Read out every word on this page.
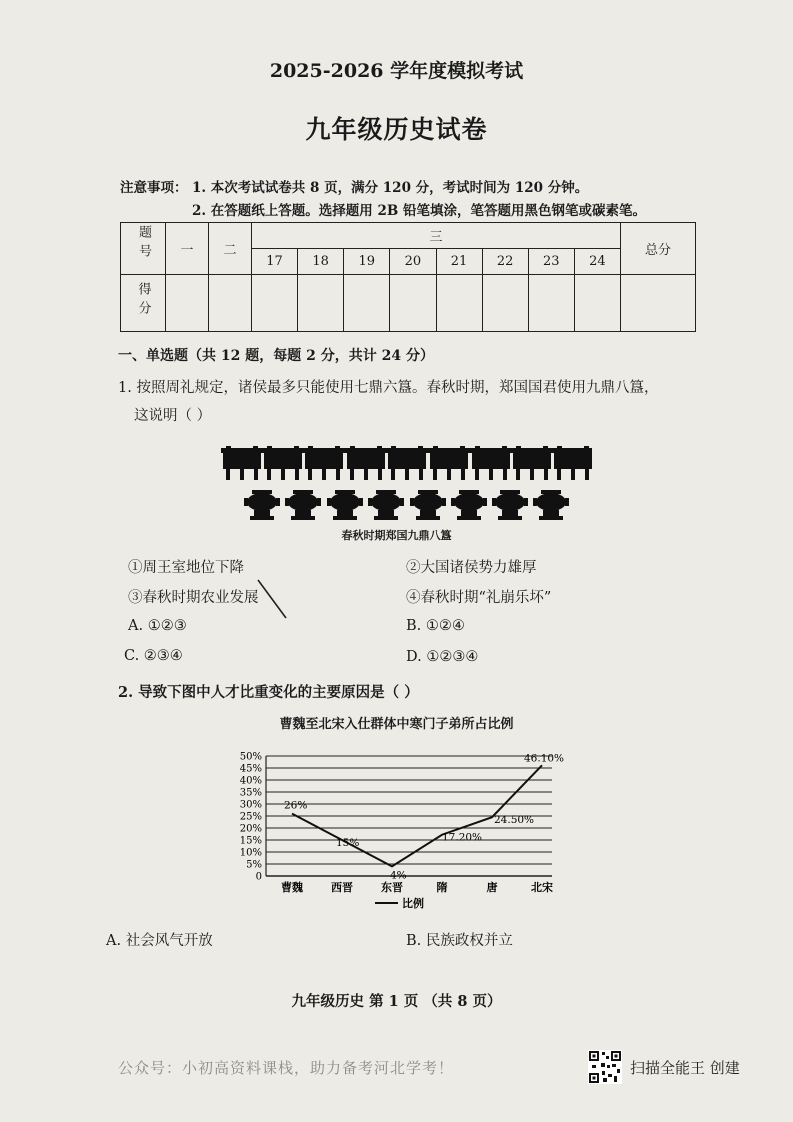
2025-2026 学年度模拟考试
九年级历史试卷
注意事项： 1. 本次考试试卷共 8 页，满分 120 分，考试时间为 120 分钟。
2. 在答题纸上答题。选择题用 2B 铅笔填涂，笔答题用黑色钢笔或碳素笔。
题号	一	二	三								总分
			17	18	19	20	21	22	23	24	
得分											
一、单选题（共 12 题，每题 2 分，共计 24 分）
1. 按照周礼规定，诸侯最多只能使用七鼎六簋。春秋时期，郑国国君使用九鼎八簋，
这说明（ ）
春秋时期郑国九鼎八簋
①周王室地位下降	②大国诸侯势力雄厚
③春秋时期农业发展	④春秋时期“礼崩乐坏”
A. ①②③	B. ①②④
C. ②③④	D. ①②③④
2. 导致下图中人才比重变化的主要原因是（ ）
曹魏至北宋入仕群体中寒门子弟所占比例
0
5%
10%
15%
20%
25%
30%
35%
40%
45%
50%
曹魏	西晋	东晋	隋	唐	北宋
26%
15%
4%
17.20%
24.50%
46.10%
比例
A. 社会风气开放	B. 民族政权并立
九年级历史 第 1 页 （共 8 页）
公众号：小初高资料课栈，助力备考河北学考！	扫描全能王 创建
